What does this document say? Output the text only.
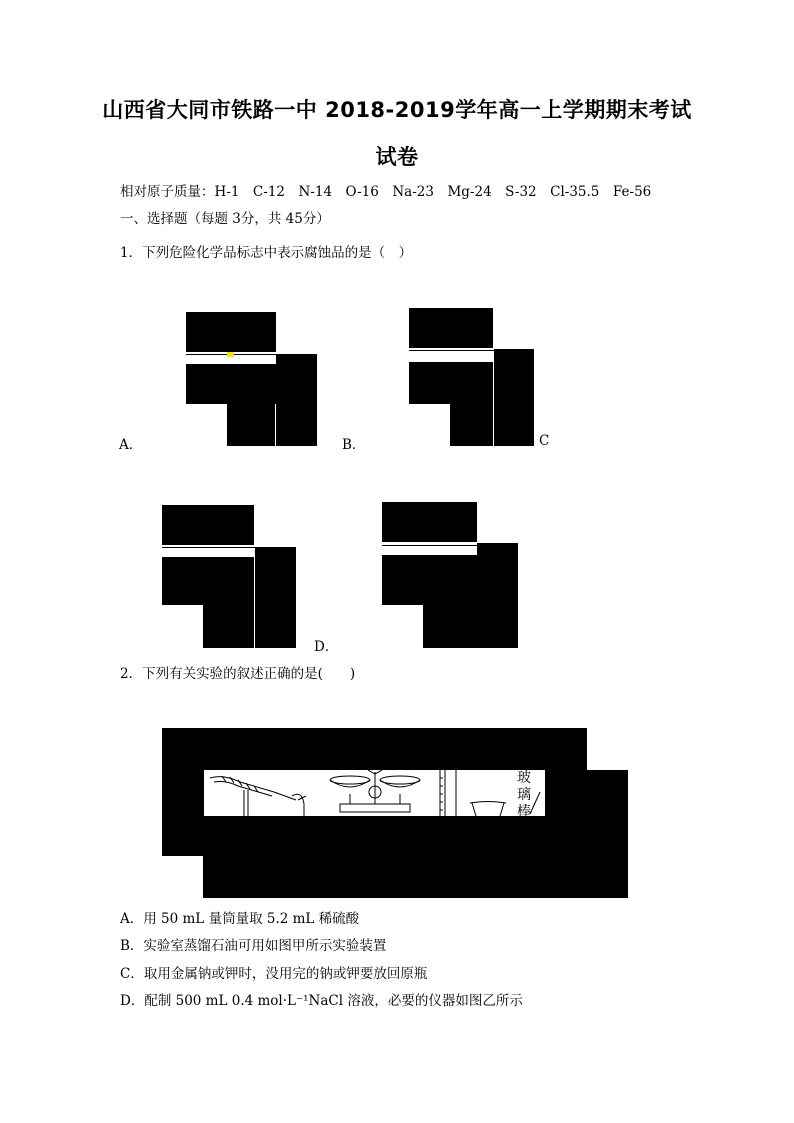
山西省大同市铁路一中 2018-2019学年高一上学期期末考试
试卷
相对原子质量：H-1　C-12　N-14　O-16　Na-23　Mg-24　S-32　Cl-35.5　Fe-56
一、选择题（每题 3分，共 45分）
1．下列危险化学品标志中表示腐蚀品的是（　）
A．	B．	C
D．
2．下列有关实验的叙述正确的是(　　)
玻
璃
棒
A．用 50 mL 量筒量取 5.2 mL 稀硫酸
B．实验室蒸馏石油可用如图甲所示实验装置
C．取用金属钠或钾时，没用完的钠或钾要放回原瓶
D．配制 500 mL 0.4 mol·L⁻¹NaCl 溶液，必要的仪器如图乙所示
